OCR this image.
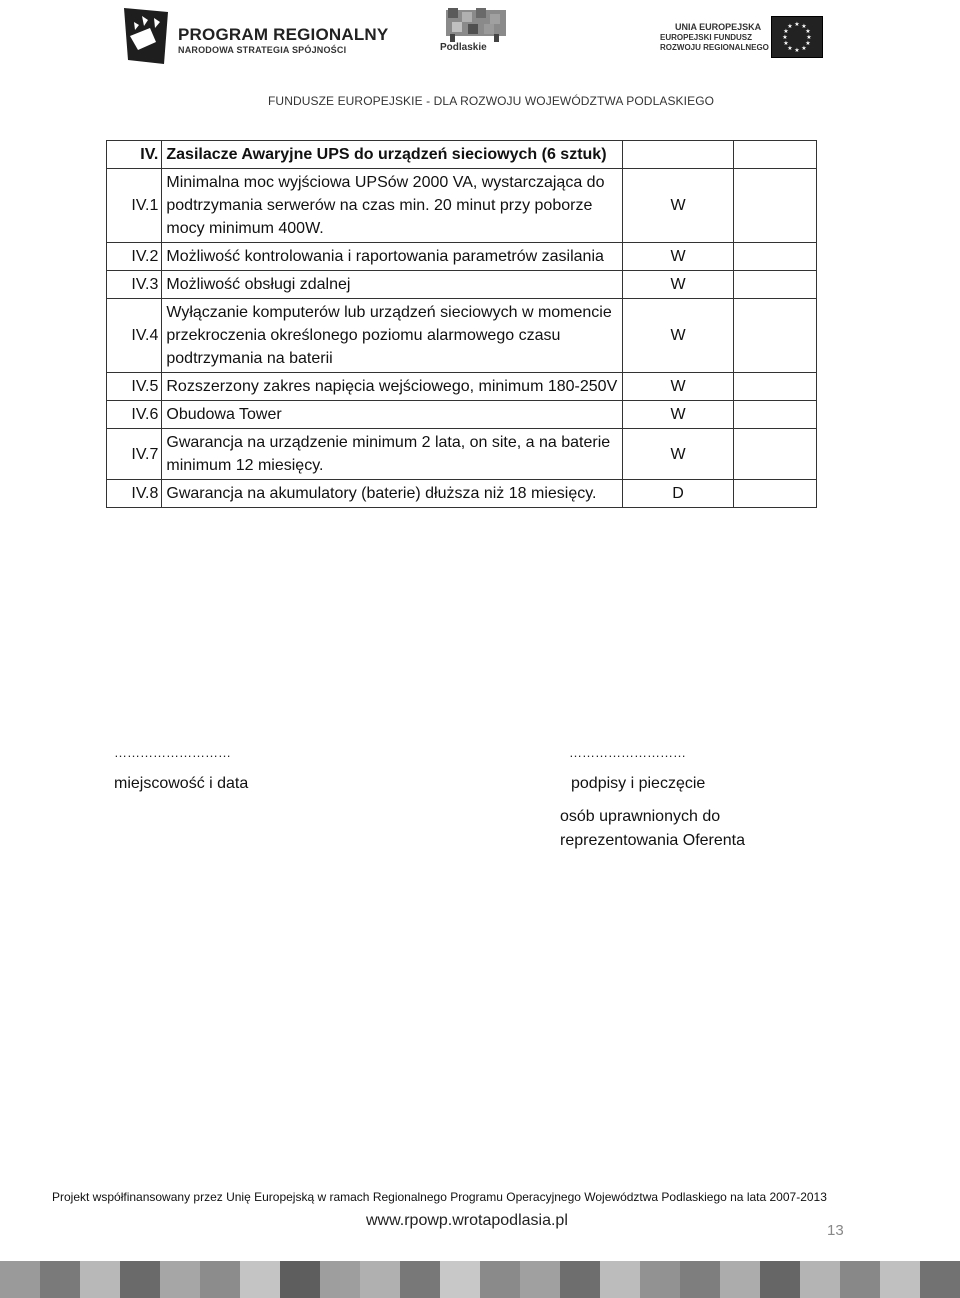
PROGRAM REGIONALNY
NARODOWA STRATEGIA SPÓJNOŚCI	Podlaskie
UNIA EUROPEJSKA
EUROPEJSKI FUNDUSZ
ROZWOJU REGIONALNEGO
★ ★
★
★
★
★
★
★
★
★
★
★
FUNDUSZE EUROPEJSKIE - DLA ROZWOJU WOJEWÓDZTWA PODLASKIEGO
IV.	Zasilacze Awaryjne UPS do urządzeń sieciowych (6 sztuk)		
IV.1	Minimalna moc wyjściowa UPSów 2000 VA, wystarczająca do podtrzymania serwerów na czas min. 20 minut przy poborze mocy minimum 400W.	W	
IV.2	Możliwość kontrolowania i raportowania parametrów zasilania	W	
IV.3	Możliwość obsługi zdalnej	W	
IV.4	Wyłączanie komputerów lub urządzeń sieciowych w momencie przekroczenia określonego poziomu alarmowego czasu podtrzymania na baterii	W	
IV.5	Rozszerzony zakres napięcia wejściowego, minimum 180-250V	W	
IV.6	Obudowa Tower	W	
IV.7	Gwarancja na urządzenie minimum 2 lata, on site, a na baterie minimum 12 miesięcy.	W	
IV.8	Gwarancja na akumulatory (baterie) dłuższa niż 18 miesięcy.	D	
………………………
miejscowość i data
………………………
podpisy i pieczęcie
osób uprawnionych do
reprezentowania Oferenta
Projekt współfinansowany przez Unię Europejską w ramach Regionalnego Programu Operacyjnego Województwa Podlaskiego na lata 2007-2013
www.rpowp.wrotapodlasia.pl
13
